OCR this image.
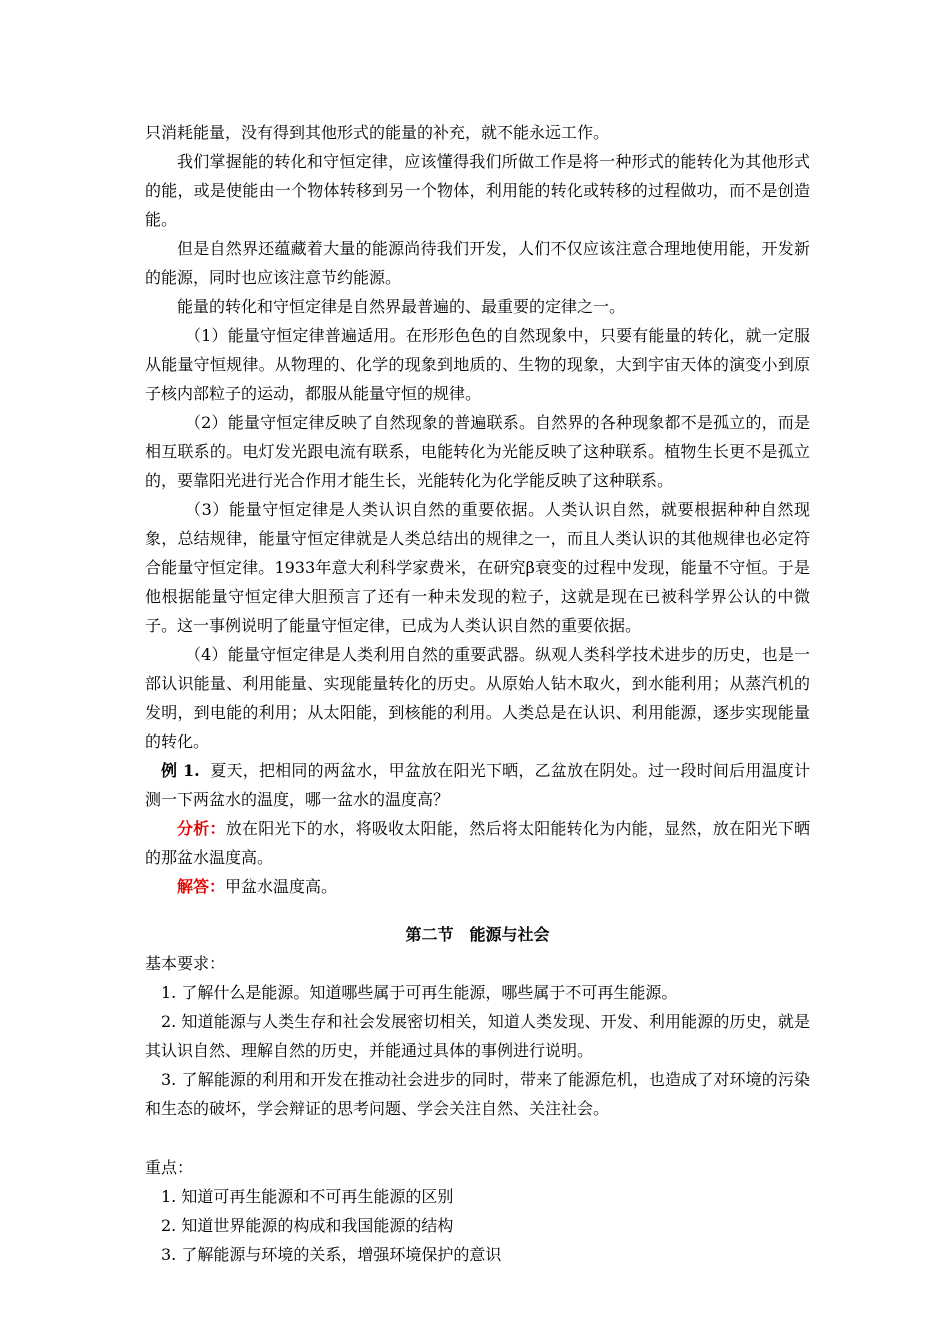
只消耗能量，没有得到其他形式的能量的补充，就不能永远工作。

我们掌握能的转化和守恒定律，应该懂得我们所做工作是将一种形式的能转化为其他形式的能，或是使能由一个物体转移到另一个物体，利用能的转化或转移的过程做功，而不是创造能。

但是自然界还蕴藏着大量的能源尚待我们开发，人们不仅应该注意合理地使用能，开发新的能源，同时也应该注意节约能源。

能量的转化和守恒定律是自然界最普遍的、最重要的定律之一。

（1）能量守恒定律普遍适用。在形形色色的自然现象中，只要有能量的转化，就一定服从能量守恒规律。从物理的、化学的现象到地质的、生物的现象，大到宇宙天体的演变小到原子核内部粒子的运动，都服从能量守恒的规律。

（2）能量守恒定律反映了自然现象的普遍联系。自然界的各种现象都不是孤立的，而是相互联系的。电灯发光跟电流有联系，电能转化为光能反映了这种联系。植物生长更不是孤立的，要靠阳光进行光合作用才能生长，光能转化为化学能反映了这种联系。

（3）能量守恒定律是人类认识自然的重要依据。人类认识自然，就要根据种种自然现象，总结规律，能量守恒定律就是人类总结出的规律之一，而且人类认识的其他规律也必定符合能量守恒定律。1933年意大利科学家费米，在研究β衰变的过程中发现，能量不守恒。于是他根据能量守恒定律大胆预言了还有一种未发现的粒子，这就是现在已被科学界公认的中微子。这一事例说明了能量守恒定律，已成为人类认识自然的重要依据。

（4）能量守恒定律是人类利用自然的重要武器。纵观人类科学技术进步的历史，也是一部认识能量、利用能量、实现能量转化的历史。从原始人钻木取火，到水能利用；从蒸汽机的发明，到电能的利用；从太阳能，到核能的利用。人类总是在认识、利用能源，逐步实现能量的转化。

例 1. 夏天，把相同的两盆水，甲盆放在阳光下晒，乙盆放在阴处。过一段时间后用温度计测一下两盆水的温度，哪一盆水的温度高？

分析：放在阳光下的水，将吸收太阳能，然后将太阳能转化为内能，显然，放在阳光下晒的那盆水温度高。

解答：甲盆水温度高。

第二节 能源与社会

基本要求：

1. 了解什么是能源。知道哪些属于可再生能源，哪些属于不可再生能源。

2. 知道能源与人类生存和社会发展密切相关，知道人类发现、开发、利用能源的历史，就是其认识自然、理解自然的历史，并能通过具体的事例进行说明。

3. 了解能源的利用和开发在推动社会进步的同时，带来了能源危机，也造成了对环境的污染和生态的破坏，学会辩证的思考问题、学会关注自然、关注社会。

重点：

1. 知道可再生能源和不可再生能源的区别

2. 知道世界能源的构成和我国能源的结构

3. 了解能源与环境的关系，增强环境保护的意识
